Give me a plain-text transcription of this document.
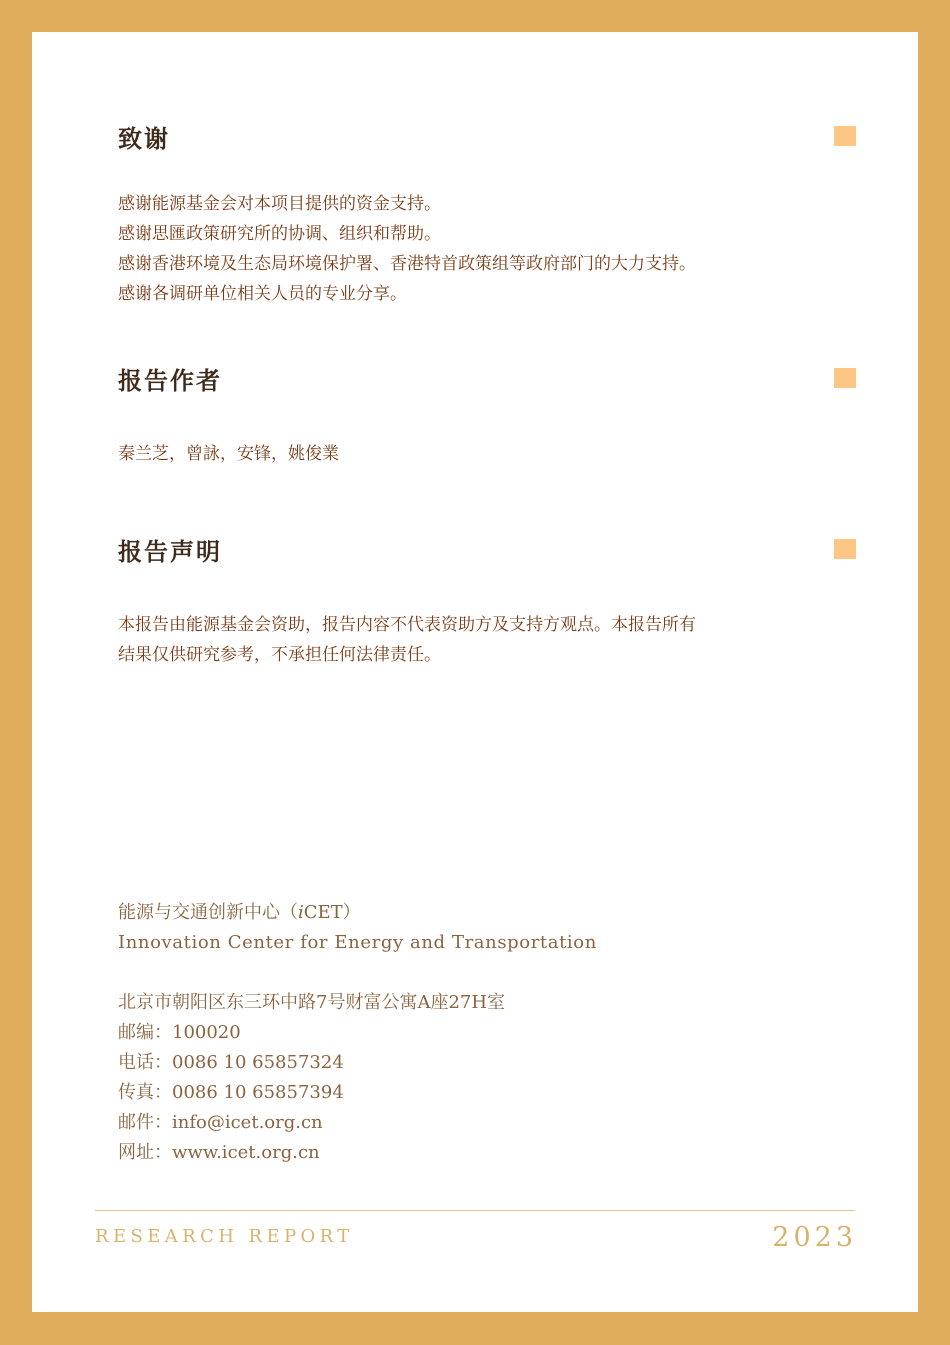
致谢
感谢能源基金会对本项目提供的资金支持。
感谢思匯政策研究所的协调、组织和帮助。
感谢香港环境及生态局环境保护署、香港特首政策组等政府部门的大力支持。
感谢各调研单位相关人员的专业分享。
报告作者
秦兰芝，曾詠，安锋，姚俊業
报告声明
本报告由能源基金会资助，报告内容不代表资助方及支持方观点。本报告所有
结果仅供研究参考，不承担任何法律责任。
能源与交通创新中心（iCET）
Innovation Center for Energy and Transportation
北京市朝阳区东三环中路7号财富公寓A座27H室
邮编：100020
电话：0086 10 65857324
传真：0086 10 65857394
邮件：info@icet.org.cn
网址：www.icet.org.cn
RESEARCH REPORT	2023
